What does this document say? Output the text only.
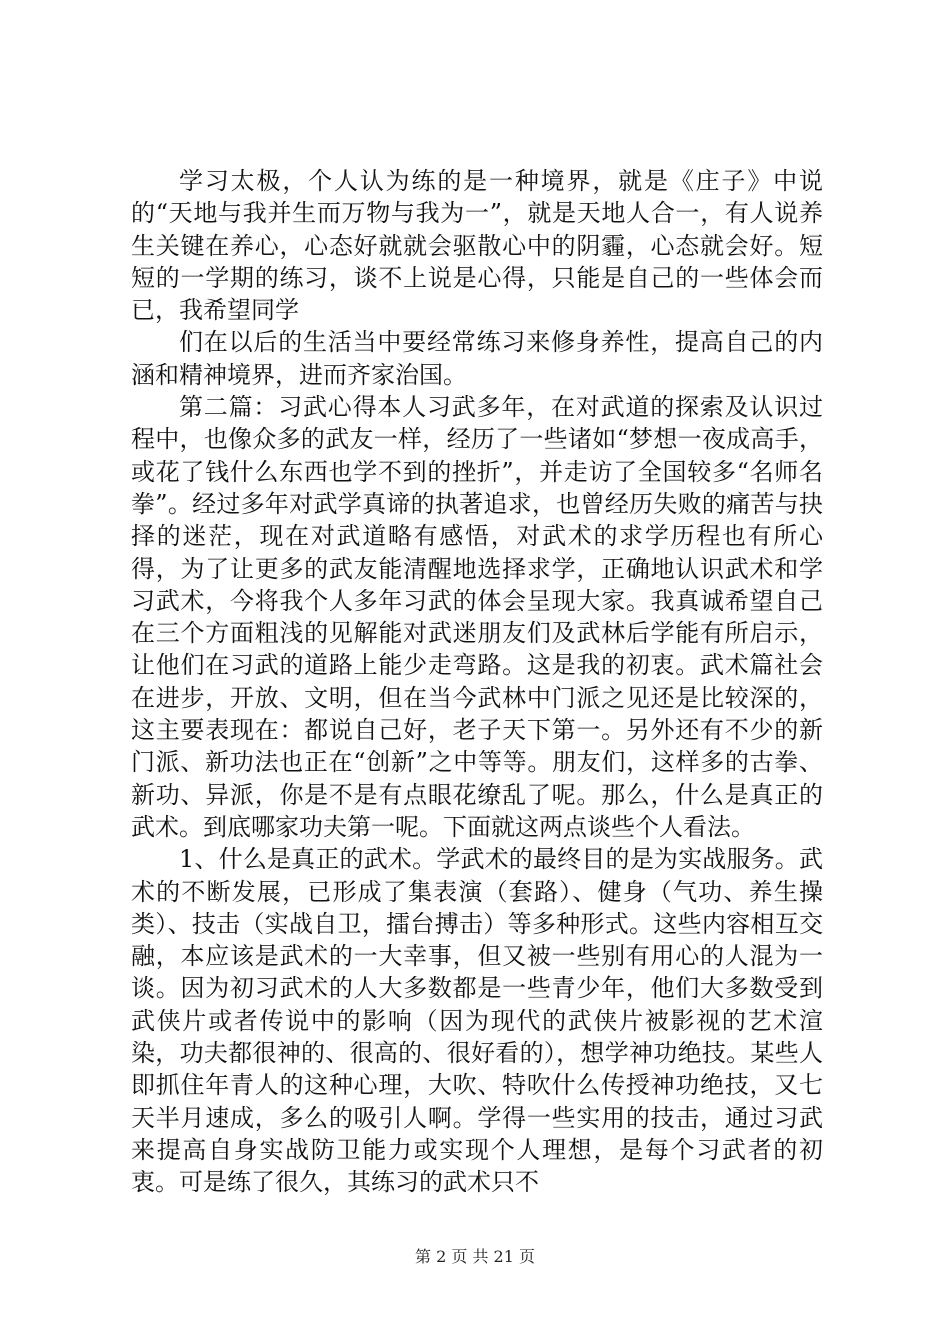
学习太极，个人认为练的是一种境界，就是《庄子》中说的“天地与我并生而万物与我为一”，就是天地人合一，有人说养生关键在养心，心态好就就会驱散心中的阴霾，心态就会好。短短的一学期的练习，谈不上说是心得，只能是自己的一些体会而已，我希望同学

们在以后的生活当中要经常练习来修身养性，提高自己的内涵和精神境界，进而齐家治国。

第二篇：习武心得本人习武多年，在对武道的探索及认识过程中，也像众多的武友一样，经历了一些诸如“梦想一夜成高手，或花了钱什么东西也学不到的挫折”，并走访了全国较多“名师名拳”。经过多年对武学真谛的执著追求，也曾经历失败的痛苦与抉择的迷茫，现在对武道略有感悟，对武术的求学历程也有所心得，为了让更多的武友能清醒地选择求学，正确地认识武术和学习武术，今将我个人多年习武的体会呈现大家。我真诚希望自己在三个方面粗浅的见解能对武迷朋友们及武林后学能有所启示，让他们在习武的道路上能少走弯路。这是我的初衷。武术篇社会在进步，开放、文明，但在当今武林中门派之见还是比较深的，这主要表现在：都说自己好，老子天下第一。另外还有不少的新门派、新功法也正在“创新”之中等等。朋友们，这样多的古拳、新功、异派，你是不是有点眼花缭乱了呢。那么，什么是真正的武术。到底哪家功夫第一呢。下面就这两点谈些个人看法。

1、什么是真正的武术。学武术的最终目的是为实战服务。武术的不断发展，已形成了集表演（套路）、健身（气功、养生操类）、技击（实战自卫，擂台搏击）等多种形式。这些内容相互交融，本应该是武术的一大幸事，但又被一些别有用心的人混为一谈。因为初习武术的人大多数都是一些青少年，他们大多数受到武侠片或者传说中的影响（因为现代的武侠片被影视的艺术渲染，功夫都很神的、很高的、很好看的），想学神功绝技。某些人即抓住年青人的这种心理，大吹、特吹什么传授神功绝技，又七天半月速成，多么的吸引人啊。学得一些实用的技击，通过习武来提高自身实战防卫能力或实现个人理想，是每个习武者的初衷。可是练了很久，其练习的武术只不

第 2 页 共 21 页
